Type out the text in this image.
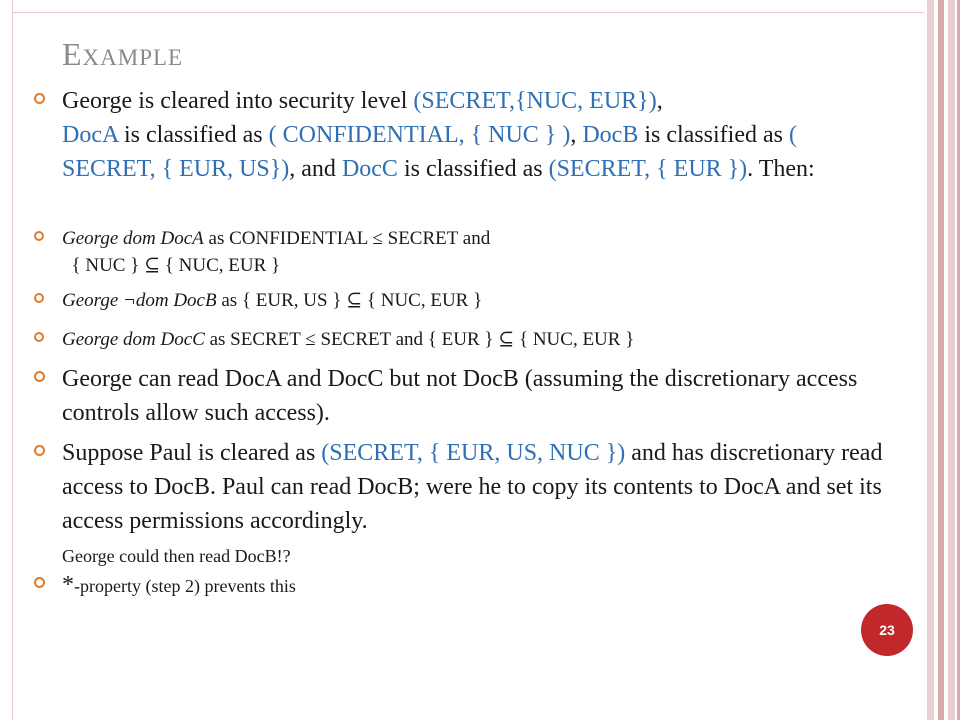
EXAMPLE
George is cleared into security level (SECRET,{NUC, EUR}),
DocA is classified as ( CONFIDENTIAL, { NUC } ), DocB is classified as ( SECRET, { EUR, US}), and DocC is classified as (SECRET, { EUR }). Then:
George dom DocA as CONFIDENTIAL ≤ SECRET and
{ NUC } ⊆ { NUC, EUR }
George ¬dom DocB as { EUR, US } ⊆ { NUC, EUR }
George dom DocC as SECRET ≤ SECRET and { EUR } ⊆ { NUC, EUR }
George can read DocA and DocC but not DocB (assuming the discretionary access controls allow such access).
Suppose Paul is cleared as (SECRET, { EUR, US, NUC }) and has discretionary read access to DocB. Paul can read DocB; were he to copy its contents to DocA and set its access permissions accordingly.
George could then read DocB!?
*-property (step 2) prevents this
23
